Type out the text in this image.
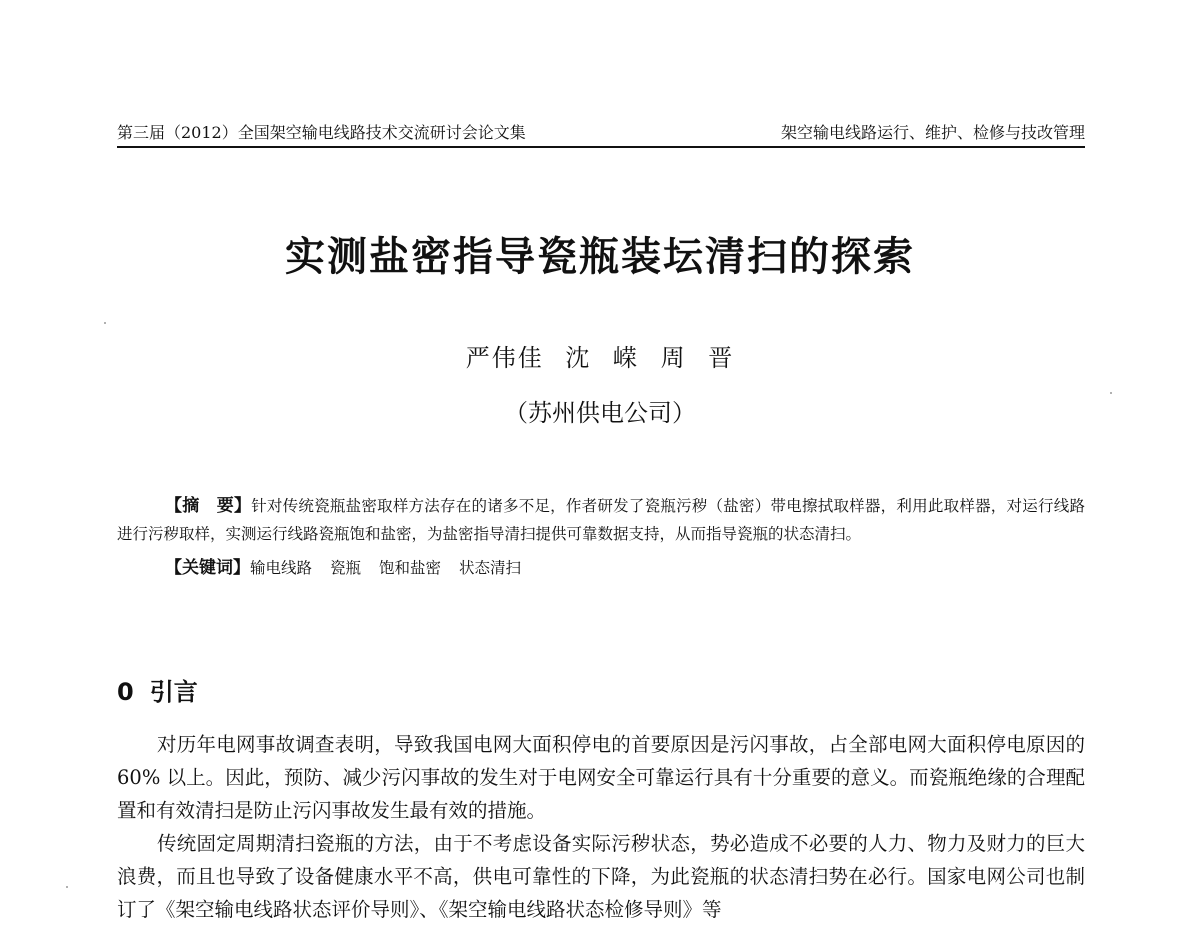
第三届（2012）全国架空输电线路技术交流研讨会论文集	架空输电线路运行、维护、检修与技改管理
实测盐密指导瓷瓶装坛清扫的探索
严伟佳 沈 嵘 周 晋
（苏州供电公司）

【摘　要】针对传统瓷瓶盐密取样方法存在的诸多不足，作者研发了瓷瓶污秽（盐密）带电擦拭取样器，利用此取样器，对运行线路进行污秽取样，实测运行线路瓷瓶饱和盐密，为盐密指导清扫提供可靠数据支持，从而指导瓷瓶的状态清扫。

【关键词】输电线路 瓷瓶 饱和盐密 状态清扫

0 引言

对历年电网事故调查表明，导致我国电网大面积停电的首要原因是污闪事故，占全部电网大面积停电原因的 60% 以上。因此，预防、减少污闪事故的发生对于电网安全可靠运行具有十分重要的意义。而瓷瓶绝缘的合理配置和有效清扫是防止污闪事故发生最有效的措施。

传统固定周期清扫瓷瓶的方法，由于不考虑设备实际污秽状态，势必造成不必要的人力、物力及财力的巨大浪费，而且也导致了设备健康水平不高，供电可靠性的下降，为此瓷瓶的状态清扫势在必行。国家电网公司也制订了《架空输电线路状态评价导则》、《架空输电线路状态检修导则》等
